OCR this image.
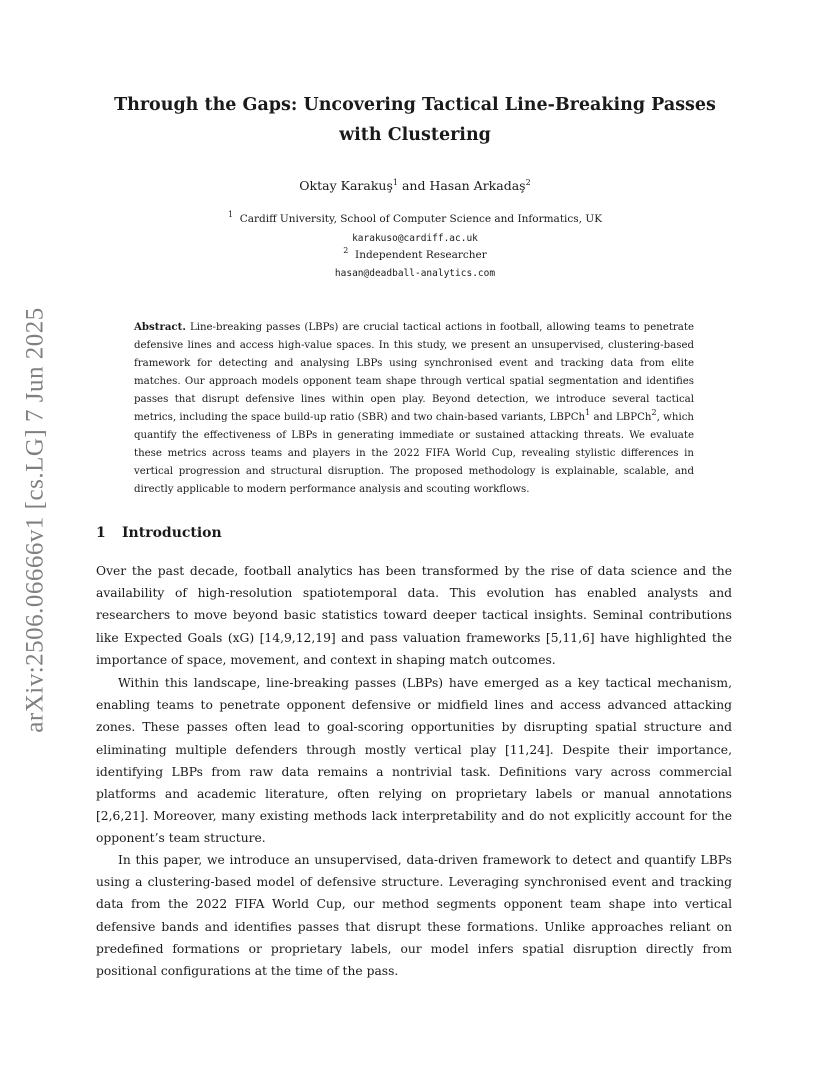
arXiv:2506.06666v1 [cs.LG] 7 Jun 2025
Through the Gaps: Uncovering Tactical Line-Breaking Passes with Clustering
Oktay Karakuş$^1$ and Hasan Arkadaş$^2$
$^1$ Cardiff University, School of Computer Science and Informatics, UK
karakuso@cardiff.ac.uk
$^2$ Independent Researcher
hasan@deadball-analytics.com
Abstract. Line-breaking passes (LBPs) are crucial tactical actions in football, allowing teams to penetrate defensive lines and access high-value spaces. In this study, we present an unsupervised, clustering-based framework for detecting and analysing LBPs using synchronised event and tracking data from elite matches. Our approach models opponent team shape through vertical spatial segmentation and identifies passes that disrupt defensive lines within open play. Beyond detection, we introduce several tactical metrics, including the space build-up ratio (SBR) and two chain-based variants, LBPCh$^1$ and LBPCh$^2$, which quantify the effectiveness of LBPs in generating immediate or sustained attacking threats. We evaluate these metrics across teams and players in the 2022 FIFA World Cup, revealing stylistic differences in vertical progression and structural disruption. The proposed methodology is explainable, scalable, and directly applicable to modern performance analysis and scouting workflows.
1 Introduction

Over the past decade, football analytics has been transformed by the rise of data science and the availability of high-resolution spatiotemporal data. This evolution has enabled analysts and researchers to move beyond basic statistics toward deeper tactical insights. Seminal contributions like Expected Goals (xG) [14,9,12,19] and pass valuation frameworks [5,11,6] have highlighted the importance of space, movement, and context in shaping match outcomes.

Within this landscape, line-breaking passes (LBPs) have emerged as a key tactical mechanism, enabling teams to penetrate opponent defensive or midfield lines and access advanced attacking zones. These passes often lead to goal-scoring opportunities by disrupting spatial structure and eliminating multiple defenders through mostly vertical play [11,24]. Despite their importance, identifying LBPs from raw data remains a nontrivial task. Definitions vary across commercial platforms and academic literature, often relying on proprietary labels or manual annotations [2,6,21]. Moreover, many existing methods lack interpretability and do not explicitly account for the opponent’s team structure.

In this paper, we introduce an unsupervised, data-driven framework to detect and quantify LBPs using a clustering-based model of defensive structure. Leveraging synchronised event and tracking data from the 2022 FIFA World Cup, our method segments opponent team shape into vertical defensive bands and identifies passes that disrupt these formations. Unlike approaches reliant on predefined formations or proprietary labels, our model infers spatial disruption directly from positional configurations at the time of the pass.
